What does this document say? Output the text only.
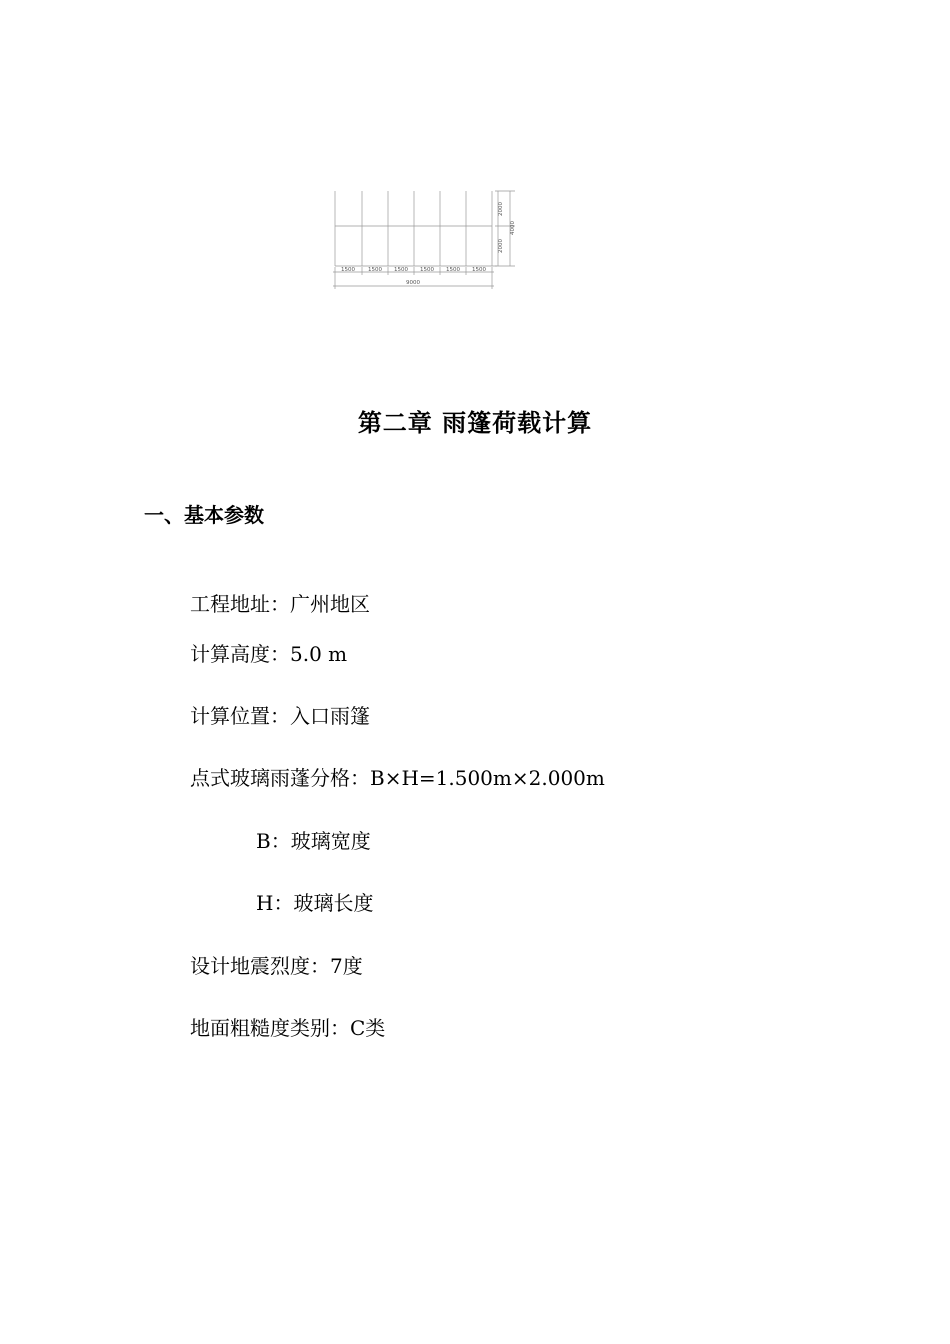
1500 1500 1500 1500 1500 1500
9000
2000
2000
4000
第二章 雨篷荷载计算
一、基本参数
工程地址：广州地区
计算高度：5.0 m
计算位置：入口雨篷
点式玻璃雨蓬分格：B×H=1.500m×2.000m
B：玻璃宽度
H：玻璃长度
设计地震烈度：7度
地面粗糙度类别：C类
